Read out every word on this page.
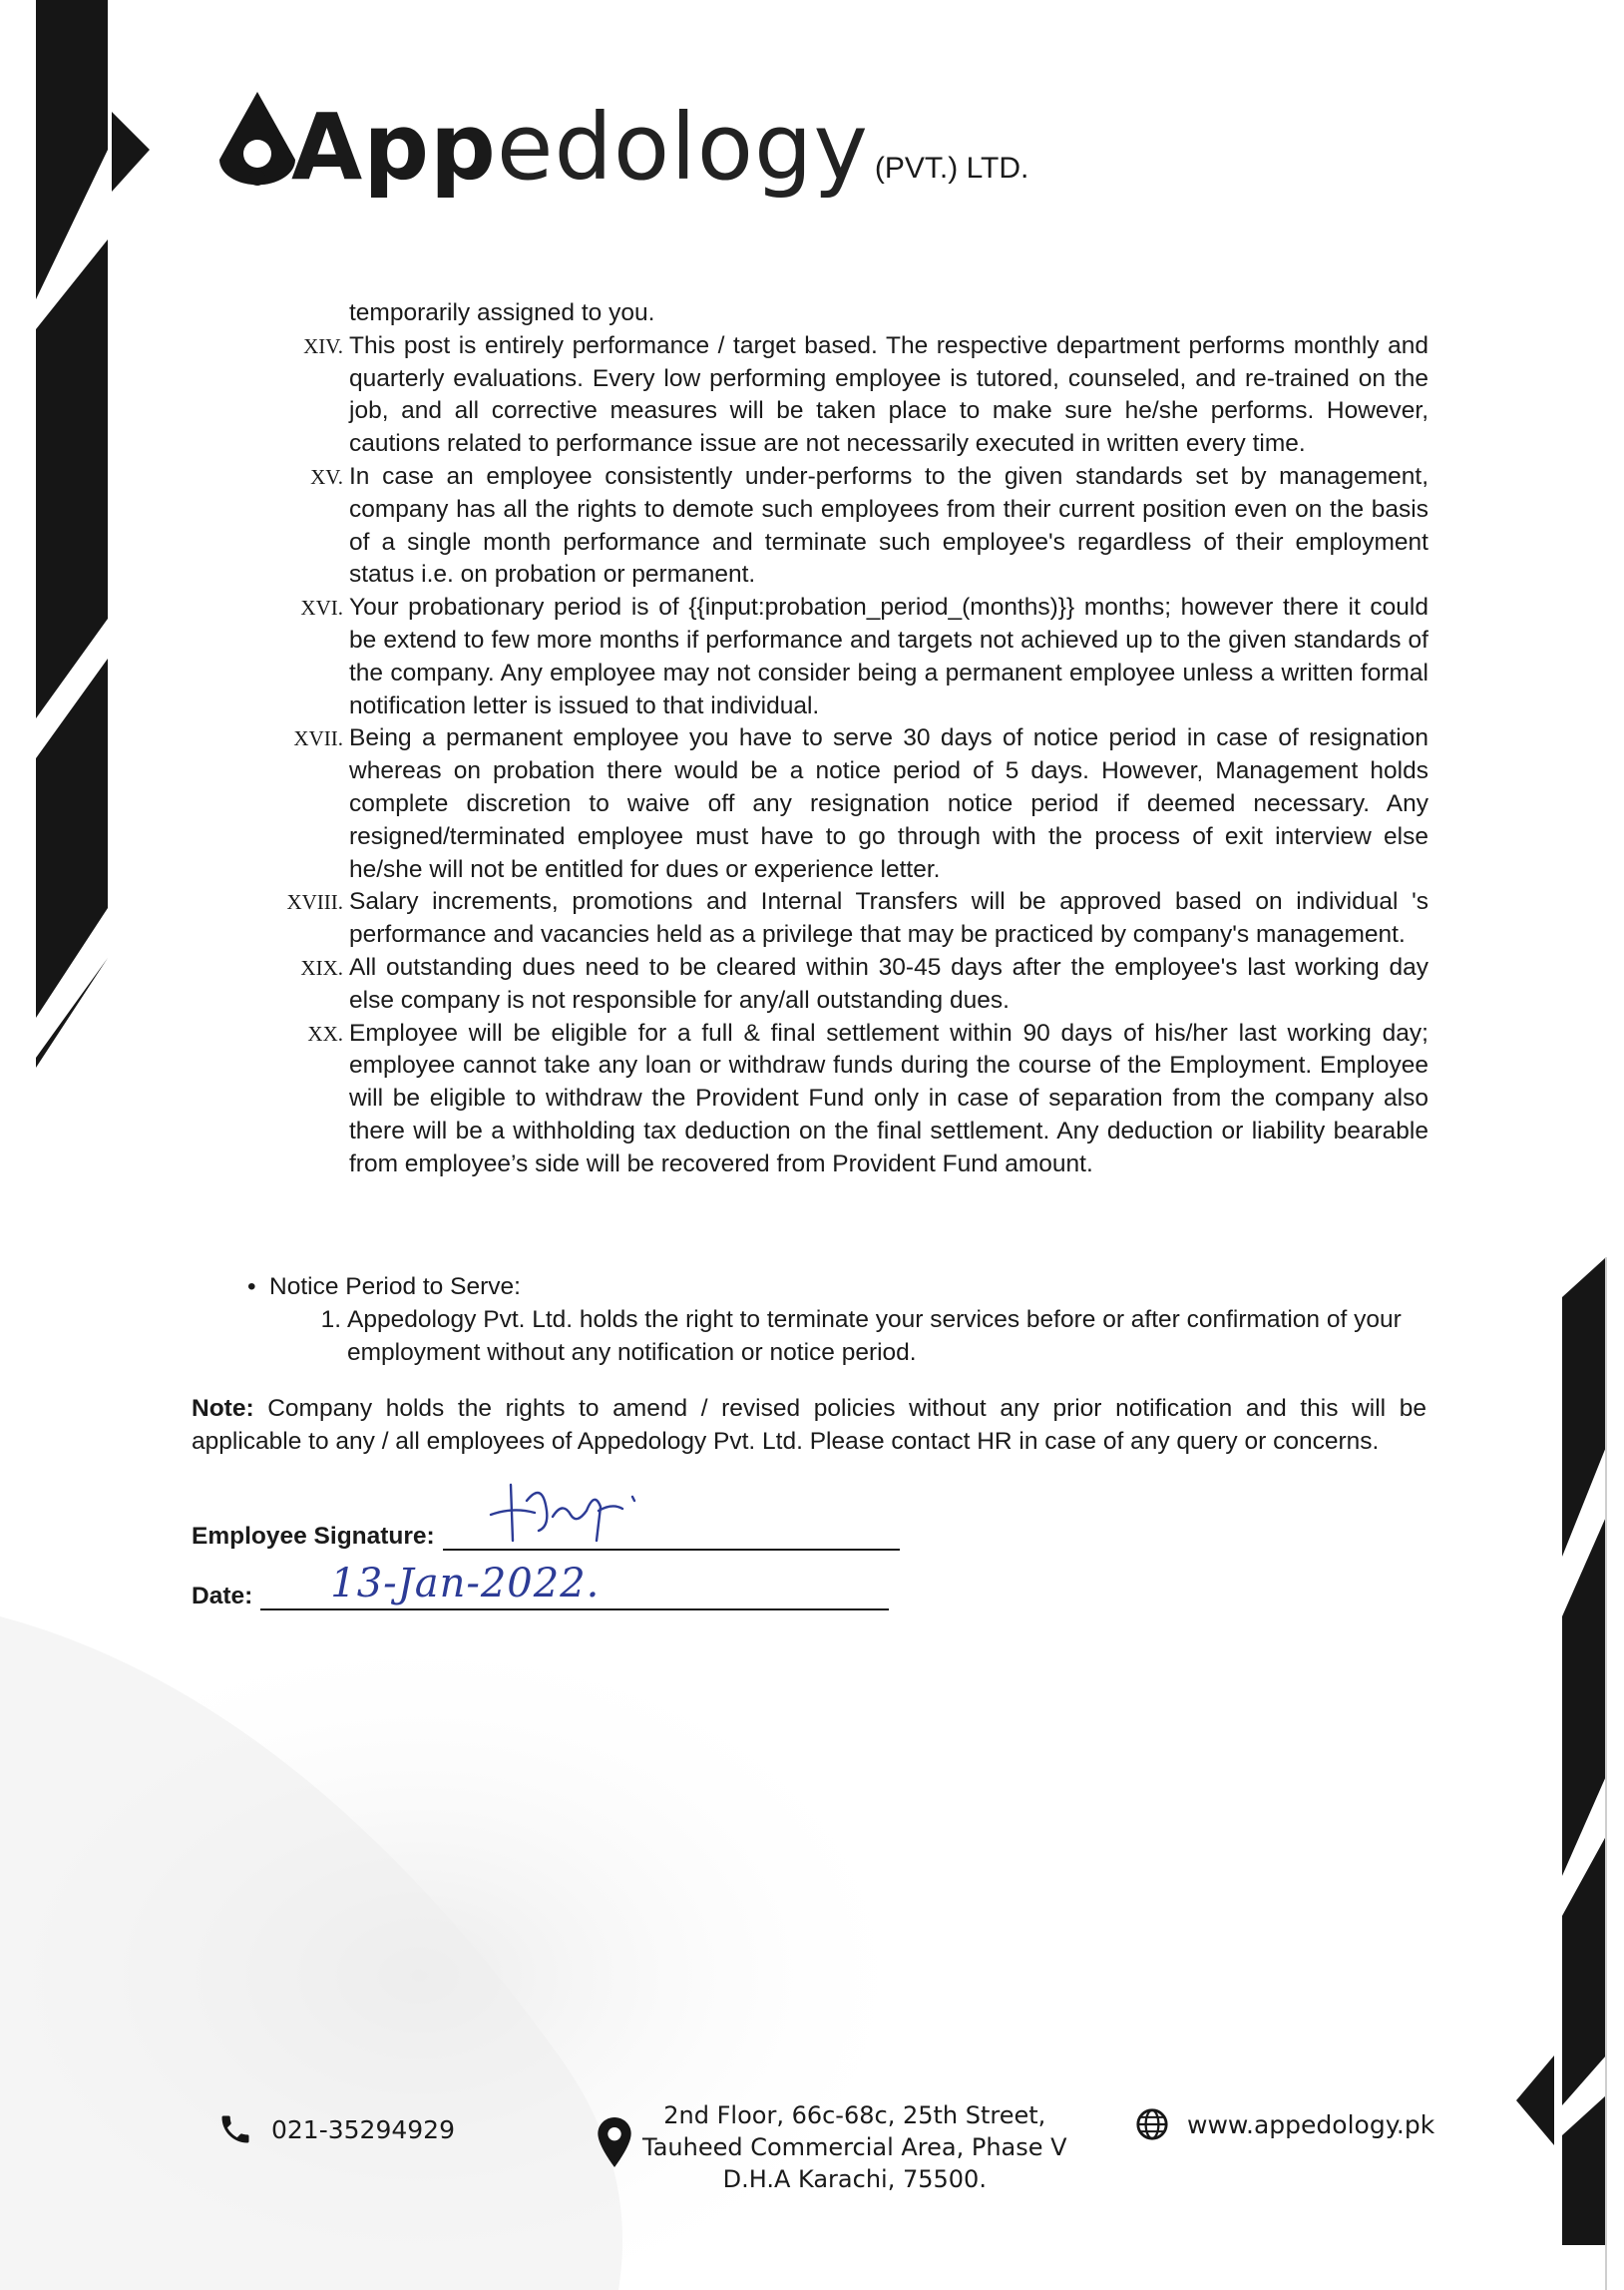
Appedology (PVT.) LTD.
temporarily assigned to you.
XIV. This post is entirely performance / target based. The respective department performs monthly and quarterly evaluations. Every low performing employee is tutored, counseled, and re-trained on the job, and all corrective measures will be taken place to make sure he/she performs. However, cautions related to performance issue are not necessarily executed in written every time.
XV. In case an employee consistently under-performs to the given standards set by management, company has all the rights to demote such employees from their current position even on the basis of a single month performance and terminate such employee's regardless of their employment status i.e. on probation or permanent.
XVI. Your probationary period is of {{input:probation_period_(months)}} months; however there it could be extend to few more months if performance and targets not achieved up to the given standards of the company. Any employee may not consider being a permanent employee unless a written formal notification letter is issued to that individual.
XVII. Being a permanent employee you have to serve 30 days of notice period in case of resignation whereas on probation there would be a notice period of 5 days. However, Management holds complete discretion to waive off any resignation notice period if deemed necessary. Any resigned/terminated employee must have to go through with the process of exit interview else he/she will not be entitled for dues or experience letter.
XVIII. Salary increments, promotions and Internal Transfers will be approved based on individual 's performance and vacancies held as a privilege that may be practiced by company's management.
XIX. All outstanding dues need to be cleared within 30-45 days after the employee's last working day else company is not responsible for any/all outstanding dues.
XX. Employee will be eligible for a full & final settlement within 90 days of his/her last working day; employee cannot take any loan or withdraw funds during the course of the Employment. Employee will be eligible to withdraw the Provident Fund only in case of separation from the company also there will be a withholding tax deduction on the final settlement. Any deduction or liability bearable from employee’s side will be recovered from Provident Fund amount.
• Notice Period to Serve:
1. Appedology Pvt. Ltd. holds the right to terminate your services before or after confirmation of your employment without any notification or notice period.
Note: Company holds the rights to amend / revised policies without any prior notification and this will be applicable to any / all employees of Appedology Pvt. Ltd. Please contact HR in case of any query or concerns.
Employee Signature:
Date: 13-Jan-2022.
021-35294929	2nd Floor, 66c-68c, 25th Street,
Tauheed Commercial Area, Phase V
D.H.A Karachi, 75500.
www.appedology.pk
